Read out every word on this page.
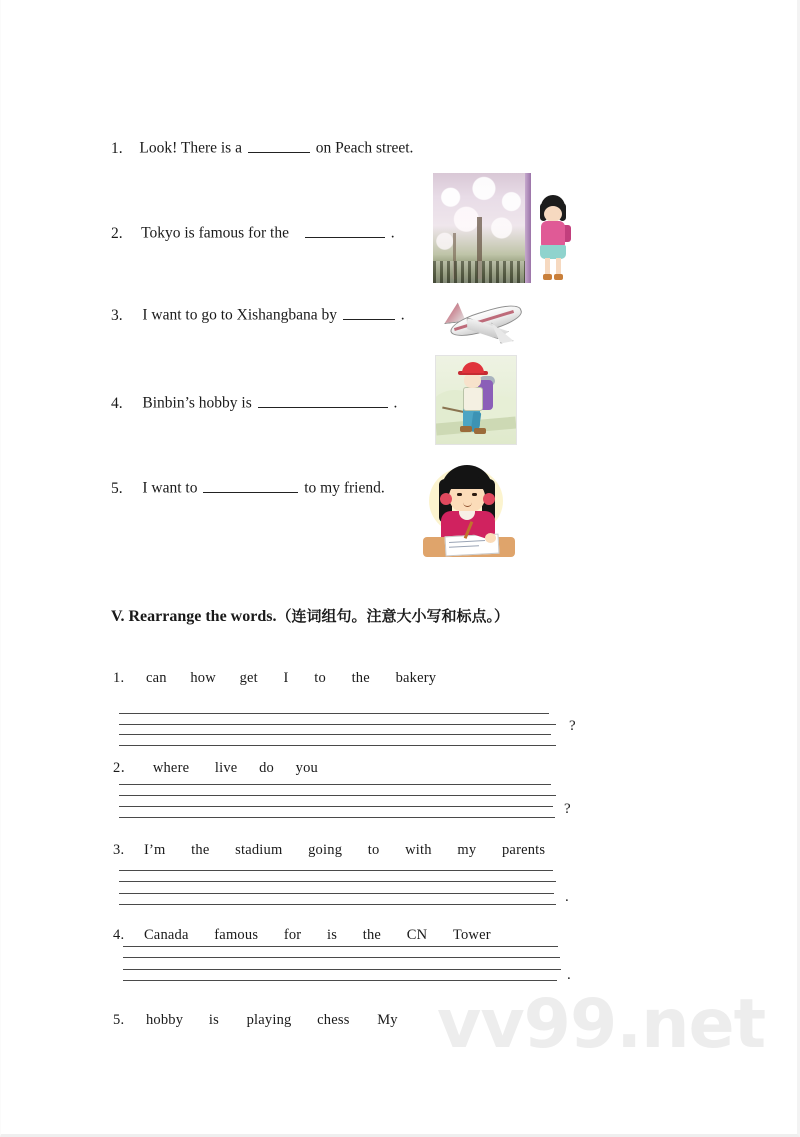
1. Look! There is a	on Peach street.
2. Tokyo is famous for the	.
3. I want to go to Xishangbana by	.
4. Binbin’s hobby is	.
5. I want to	to my friend.
V. Rearrange the words.（连词组句。注意大小写和标点。）
1. can how get I to the bakery
?
2． where live do you
?
3. I’m the stadium going to with my parents
.
4. Canada famous for is the CN Tower
.
5. hobby is playing chess My vv99.net
